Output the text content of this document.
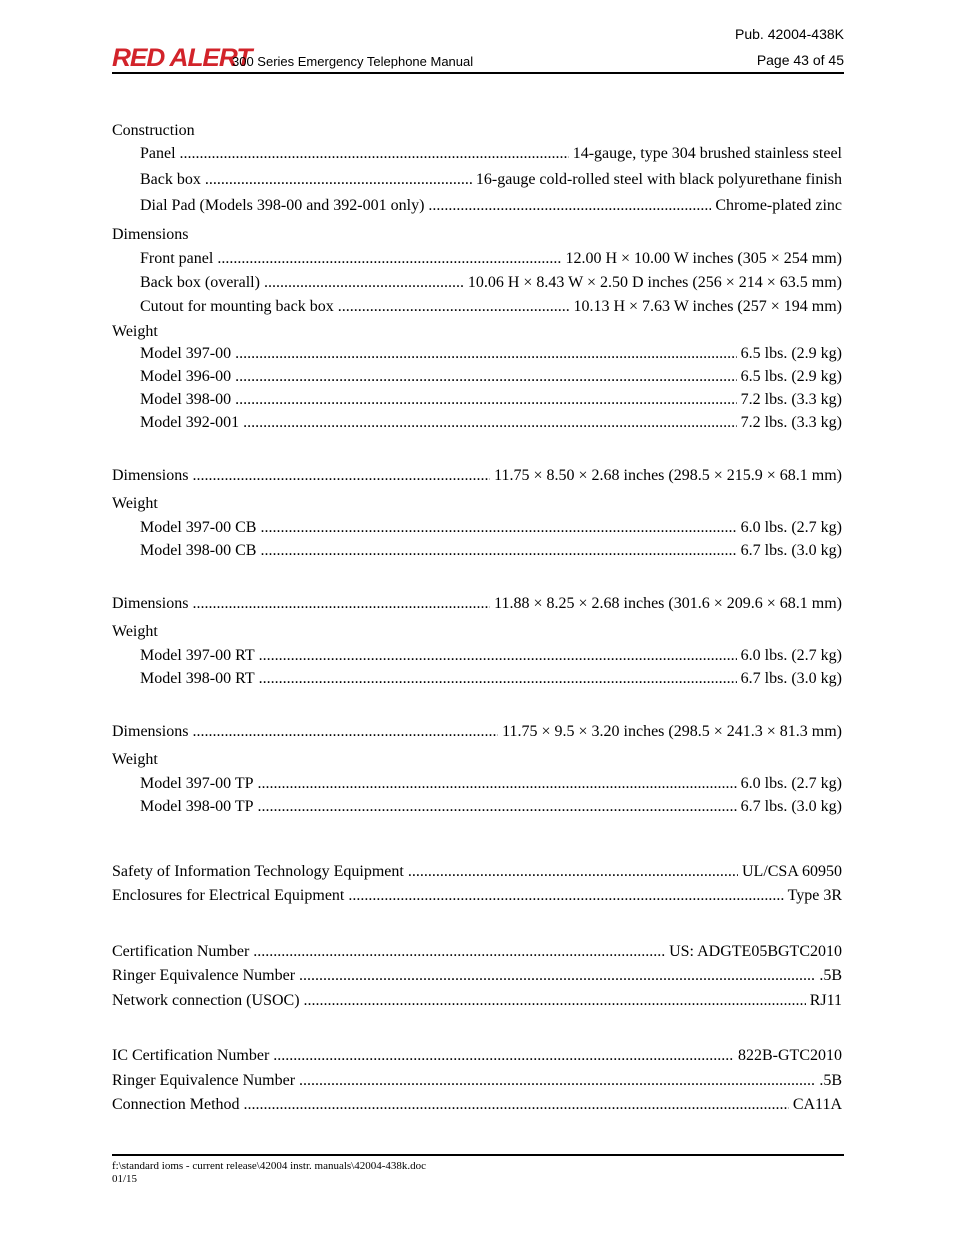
Pub. 42004-438K
RED ALERT
300 Series Emergency Telephone Manual	Page 43 of 45
Construction
Panel .....	14-gauge, type 304 brushed stainless steel
Back box .....	16-gauge cold-rolled steel with black polyurethane finish
Dial Pad (Models 398-00 and 392-001 only) .....	Chrome-plated zinc
Dimensions
Front panel .....	12.00 H × 10.00 W inches (305 × 254 mm)
Back box (overall) .....	10.06 H × 8.43 W × 2.50 D inches (256 × 214 × 63.5 mm)
Cutout for mounting back box .....	10.13 H × 7.63 W inches (257 × 194 mm)
Weight
Model 397-00 .....	6.5 lbs. (2.9 kg)
Model 396-00 .....	6.5 lbs. (2.9 kg)
Model 398-00 .....	7.2 lbs. (3.3 kg)
Model 392-001 .....	7.2 lbs. (3.3 kg)
Dimensions .....	11.75 × 8.50 × 2.68 inches (298.5 × 215.9 × 68.1 mm)
Weight
Model 397-00 CB .....	6.0 lbs. (2.7 kg)
Model 398-00 CB .....	6.7 lbs. (3.0 kg)
Dimensions .....	11.88 × 8.25 × 2.68 inches (301.6 × 209.6 × 68.1 mm)
Weight
Model 397-00 RT .....	6.0 lbs. (2.7 kg)
Model 398-00 RT .....	6.7 lbs. (3.0 kg)
Dimensions .....	11.75 × 9.5 × 3.20 inches (298.5 × 241.3 × 81.3 mm)
Weight
Model 397-00 TP .....	6.0 lbs. (2.7 kg)
Model 398-00 TP .....	6.7 lbs. (3.0 kg)
Safety of Information Technology Equipment .....	UL/CSA 60950
Enclosures for Electrical Equipment .....	Type 3R
Certification Number .....	US: ADGTE05BGTC2010
Ringer Equivalence Number .....	.5B
Network connection (USOC) .....	RJ11
IC Certification Number .....	822B-GTC2010
Ringer Equivalence Number .....	.5B
Connection Method .....	CA11A
f:\standard ioms - current release\42004 instr. manuals\42004-438k.doc
01/15
